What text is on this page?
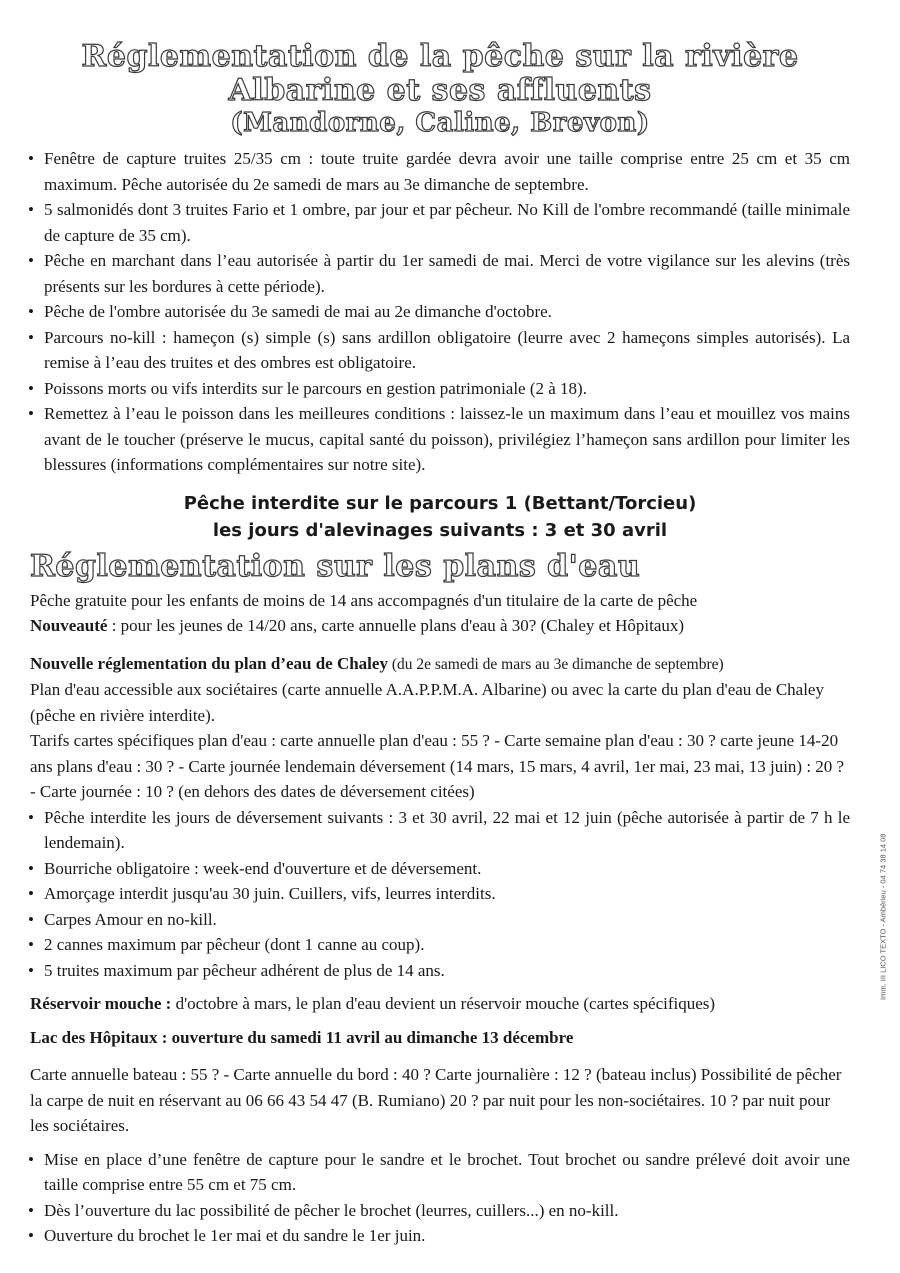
Réglementation de la pêche sur la rivière Albarine et ses affluents
(Mandorne, Caline, Brevon)
• Fenêtre de capture truites 25/35 cm : toute truite gardée devra avoir une taille comprise entre 25 cm et 35 cm maximum. Pêche autorisée du 2e samedi de mars au 3e dimanche de septembre.
• 5 salmonidés dont 3 truites Fario et 1 ombre, par jour et par pêcheur. No Kill de l'ombre recommandé (taille minimale de capture de 35 cm).
• Pêche en marchant dans l’eau autorisée à partir du 1er samedi de mai. Merci de votre vigilance sur les alevins (très présents sur les bordures à cette période).
• Pêche de l'ombre autorisée du 3e samedi de mai au 2e dimanche d'octobre.
• Parcours no-kill : hameçon (s) simple (s) sans ardillon obligatoire (leurre avec 2 hameçons simples autorisés). La remise à l’eau des truites et des ombres est obligatoire.
• Poissons morts ou vifs interdits sur le parcours en gestion patrimoniale (2 à 18).
• Remettez à l’eau le poisson dans les meilleures conditions : laissez-le un maximum dans l’eau et mouillez vos mains avant de le toucher (préserve le mucus, capital santé du poisson), privilégiez l’hameçon sans ardillon pour limiter les blessures (informations complémentaires sur notre site).
Pêche interdite sur le parcours 1 (Bettant/Torcieu)
les jours d'alevinages suivants : 3 et 30 avril
Réglementation sur les plans d'eau

Pêche gratuite pour les enfants de moins de 14 ans accompagnés d'un titulaire de la carte de pêche

Nouveauté : pour les jeunes de 14/20 ans, carte annuelle plans d'eau à 30? (Chaley et Hôpitaux)

Nouvelle réglementation du plan d’eau de Chaley (du 2e samedi de mars au 3e dimanche de septembre)

Plan d'eau accessible aux sociétaires (carte annuelle A.A.P.P.M.A. Albarine) ou avec la carte du plan d'eau de Chaley (pêche en rivière interdite).

Tarifs cartes spécifiques plan d'eau : carte annuelle plan d'eau : 55 ? - Carte semaine plan d'eau : 30 ? carte jeune 14-20 ans plans d'eau : 30 ? - Carte journée lendemain déversement (14 mars, 15 mars, 4 avril, 1er mai, 23 mai, 13 juin) : 20 ? - Carte journée : 10 ? (en dehors des dates de déversement citées)

• Pêche interdite les jours de déversement suivants : 3 et 30 avril, 22 mai et 12 juin (pêche autorisée à partir de 7 h le lendemain).
• Bourriche obligatoire : week-end d'ouverture et de déversement.
• Amorçage interdit jusqu'au 30 juin. Cuillers, vifs, leurres interdits.
• Carpes Amour en no-kill.
• 2 cannes maximum par pêcheur (dont 1 canne au coup).
• 5 truites maximum par pêcheur adhérent de plus de 14 ans.

Réservoir mouche : d'octobre à mars, le plan d'eau devient un réservoir mouche (cartes spécifiques)

Lac des Hôpitaux : ouverture du samedi 11 avril au dimanche 13 décembre

Carte annuelle bateau : 55 ? - Carte annuelle du bord : 40 ? Carte journalière : 12 ? (bateau inclus) Possibilité de pêcher la carpe de nuit en réservant au 06 66 43 54 47 (B. Rumiano) 20 ? par nuit pour les non-sociétaires. 10 ? par nuit pour les sociétaires.

• Mise en place d’une fenêtre de capture pour le sandre et le brochet. Tout brochet ou sandre prélevé doit avoir une taille comprise entre 55 cm et 75 cm.
• Dès l’ouverture du lac possibilité de pêcher le brochet (leurres, cuillers...) en no-kill.
• Ouverture du brochet le 1er mai et du sandre le 1er juin.
Imm. III LICO TEXTO - Ambérieu - 04 74 38 14 08
